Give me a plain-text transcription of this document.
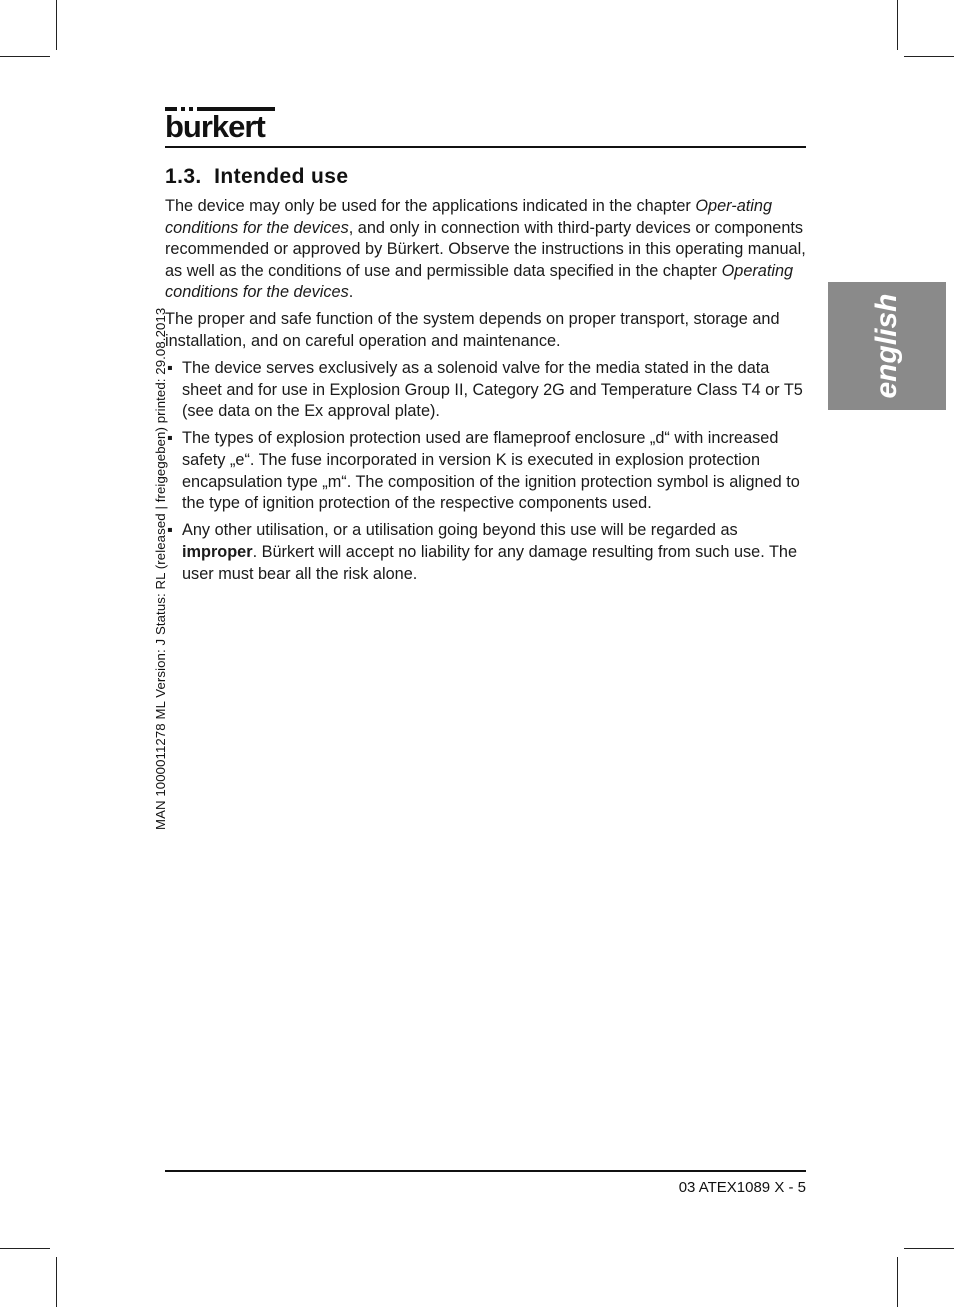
burkert
1.3. Intended use

The device may only be used for the applications indicated in the chapter Oper-ating conditions for the devices, and only in connection with third-party devices or components recommended or approved by Bürkert. Observe the instructions in this operating manual, as well as the conditions of use and permissible data specified in the chapter Operating conditions for the devices.

The proper and safe function of the system depends on proper transport, storage and installation, and on careful operation and maintenance.

▪ The device serves exclusively as a solenoid valve for the media stated in the data sheet and for use in Explosion Group II, Category 2G and Temperature Class T4 or T5 (see data on the Ex approval plate).
▪ The types of explosion protection used are flameproof enclosure „d“ with increased safety „e“. The fuse incorporated in version K is executed in explosion protection encapsulation type „m“. The composition of the ignition protection symbol is aligned to the type of ignition protection of the respective components used.
▪ Any other utilisation, or a utilisation going beyond this use will be regarded as improper. Bürkert will accept no liability for any damage resulting from such use. The user must bear all the risk alone.
MAN 1000011278 ML Version: J Status: RL (released | freigegeben) printed: 29.08.2013	english
03 ATEX1089 X - 5
